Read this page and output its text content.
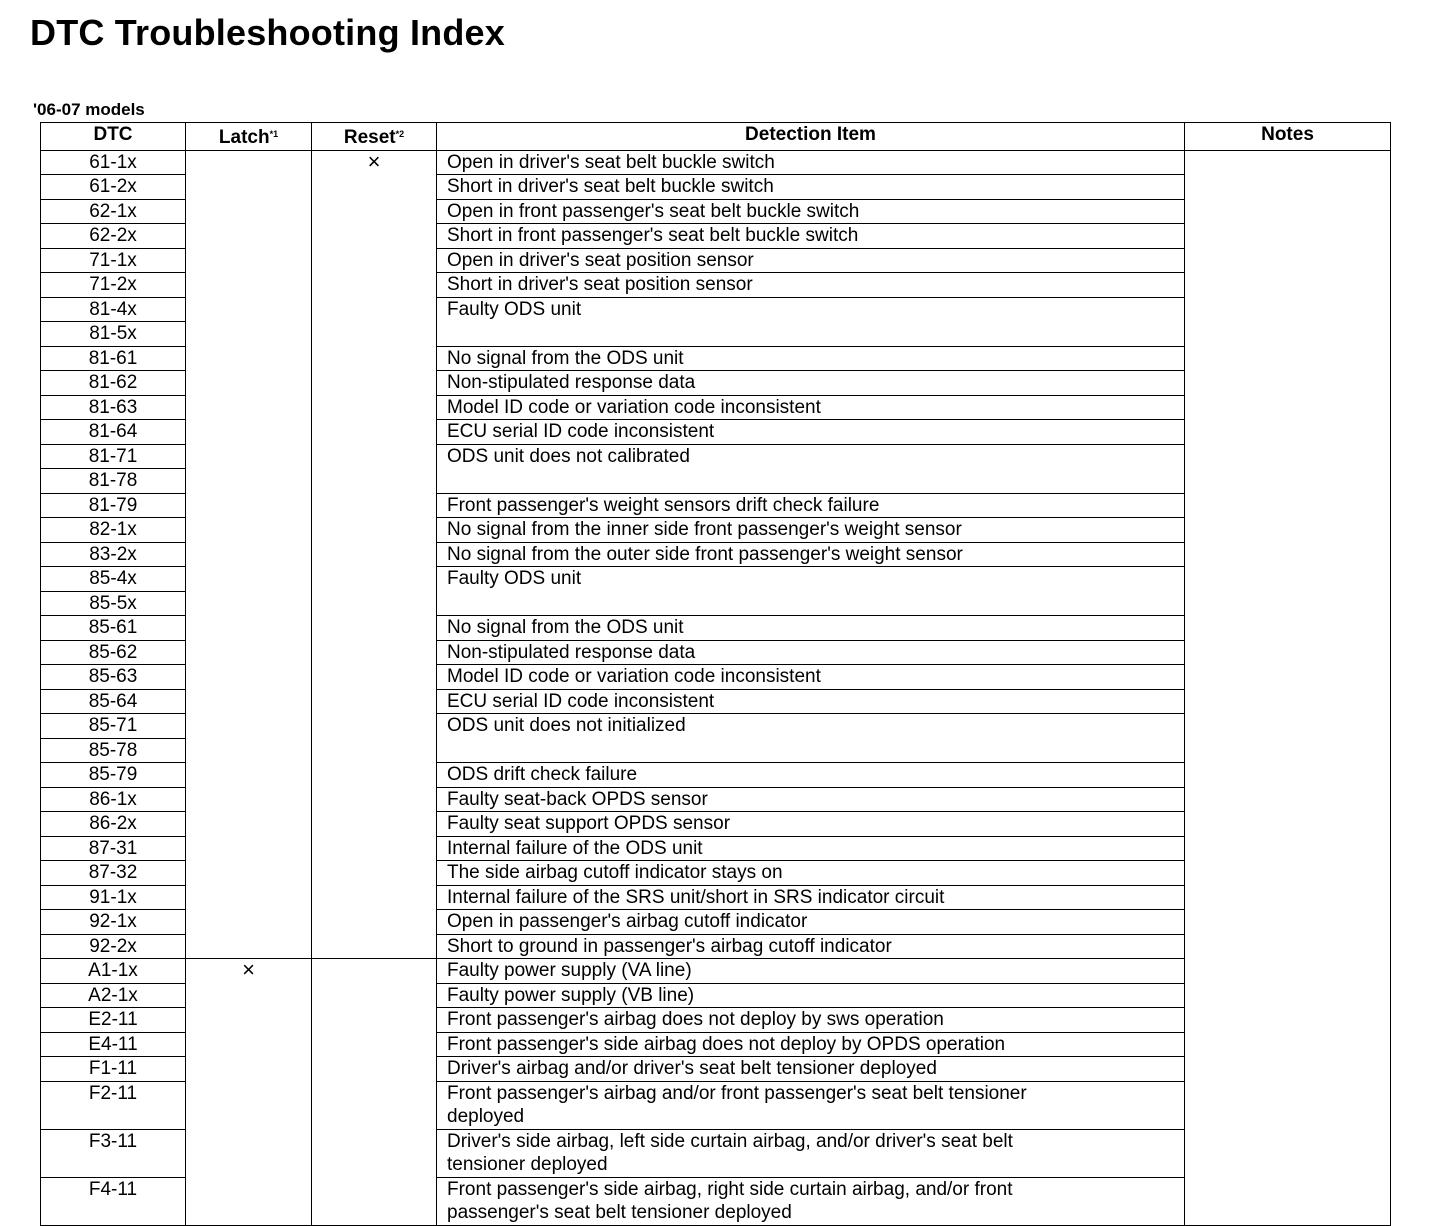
DTC Troubleshooting Index
'06-07 models
DTC	Latch$^{*1}$	Reset$^{*2}$	Detection Item	Notes
61-1x		×	Open in driver's seat belt buckle switch	
61-2x			Short in driver's seat belt buckle switch	
62-1x			Open in front passenger's seat belt buckle switch	
62-2x			Short in front passenger's seat belt buckle switch	
71-1x			Open in driver's seat position sensor	
71-2x			Short in driver's seat position sensor	
81-4x			Faulty ODS unit	
81-5x				
81-61			No signal from the ODS unit	
81-62			Non-stipulated response data	
81-63			Model ID code or variation code inconsistent	
81-64			ECU serial ID code inconsistent	
81-71			ODS unit does not calibrated	
81-78				
81-79			Front passenger's weight sensors drift check failure	
82-1x			No signal from the inner side front passenger's weight sensor	
83-2x			No signal from the outer side front passenger's weight sensor	
85-4x			Faulty ODS unit	
85-5x				
85-61			No signal from the ODS unit	
85-62			Non-stipulated response data	
85-63			Model ID code or variation code inconsistent	
85-64			ECU serial ID code inconsistent	
85-71			ODS unit does not initialized	
85-78				
85-79			ODS drift check failure	
86-1x			Faulty seat-back OPDS sensor	
86-2x			Faulty seat support OPDS sensor	
87-31			Internal failure of the ODS unit	
87-32			The side airbag cutoff indicator stays on	
91-1x			Internal failure of the SRS unit/short in SRS indicator circuit	
92-1x			Open in passenger's airbag cutoff indicator	
92-2x			Short to ground in passenger's airbag cutoff indicator	
A1-1x	×		Faulty power supply (VA line)	
A2-1x			Faulty power supply (VB line)	
E2-11			Front passenger's airbag does not deploy by sws operation	
E4-11			Front passenger's side airbag does not deploy by OPDS operation	
F1-11			Driver's airbag and/or driver's seat belt tensioner deployed	
F2-11			Front passenger's airbag and/or front passenger's seat belt tensioner
deployed	

F3-11			Driver's side airbag, left side curtain airbag, and/or driver's seat belt
tensioner deployed	

F4-11			Front passenger's side airbag, right side curtain airbag, and/or front
passenger's seat belt tensioner deployed	
